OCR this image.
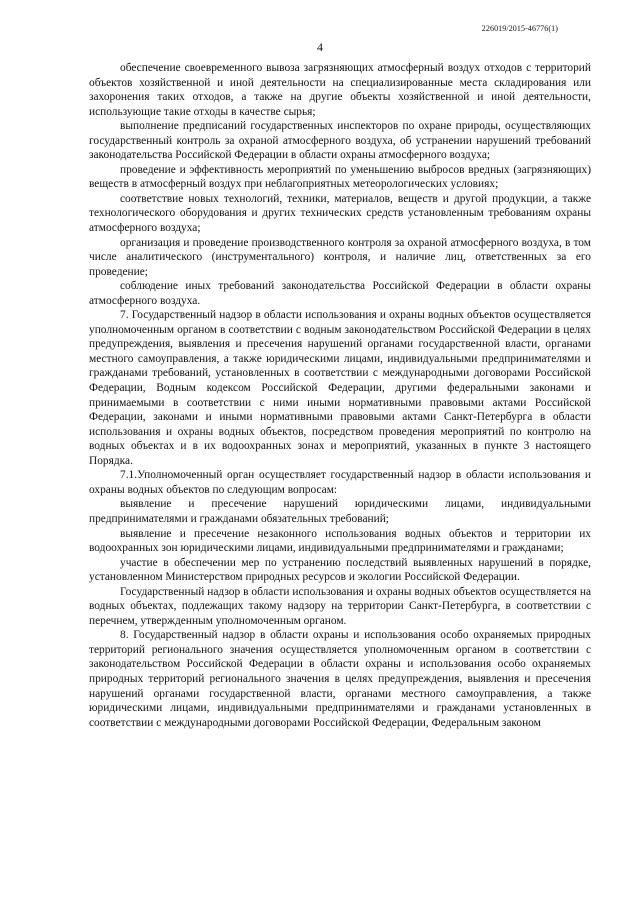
226019/2015-46776(1)
4

обеспечение своевременного вывоза загрязняющих атмосферный воздух отходов с территорий объектов хозяйственной и иной деятельности на специализированные места складирования или захоронения таких отходов, а также на другие объекты хозяйственной и иной деятельности, использующие такие отходы в качестве сырья;

выполнение предписаний государственных инспекторов по охране природы, осуществляющих государственный контроль за охраной атмосферного воздуха, об устранении нарушений требований законодательства Российской Федерации в области охраны атмосферного воздуха;

проведение и эффективность мероприятий по уменьшению выбросов вредных (загрязняющих) веществ в атмосферный воздух при неблагоприятных метеорологических условиях;

соответствие новых технологий, техники, материалов, веществ и другой продукции, а также технологического оборудования и других технических средств установленным требованиям охраны атмосферного воздуха;

организация и проведение производственного контроля за охраной атмосферного воздуха, в том числе аналитического (инструментального) контроля, и наличие лиц, ответственных за его проведение;

соблюдение иных требований законодательства Российской Федерации в области охраны атмосферного воздуха.

7. Государственный надзор в области использования и охраны водных объектов осуществляется уполномоченным органом в соответствии с водным законодательством Российской Федерации в целях предупреждения, выявления и пресечения нарушений органами государственной власти, органами местного самоуправления, а также юридическими лицами, индивидуальными предпринимателями и гражданами требований, установленных в соответствии с международными договорами Российской Федерации, Водным кодексом Российской Федерации, другими федеральными законами и принимаемыми в соответствии с ними иными нормативными правовыми актами Российской Федерации, законами и иными нормативными правовыми актами Санкт-Петербурга в области использования и охраны водных объектов, посредством проведения мероприятий по контролю на водных объектах и в их водоохранных зонах и мероприятий, указанных в пункте 3 настоящего Порядка.

7.1.Уполномоченный орган осуществляет государственный надзор в области использования и охраны водных объектов по следующим вопросам:

выявление и пресечение нарушений юридическими лицами, индивидуальными предпринимателями и гражданами обязательных требований;

выявление и пресечение незаконного использования водных объектов и территории их водоохранных зон юридическими лицами, индивидуальными предпринимателями и гражданами;

участие в обеспечении мер по устранению последствий выявленных нарушений в порядке, установленном Министерством природных ресурсов и экологии Российской Федерации.

Государственный надзор в области использования и охраны водных объектов осуществляется на водных объектах, подлежащих такому надзору на территории Санкт-Петербурга, в соответствии с перечнем, утвержденным уполномоченным органом.

8. Государственный надзор в области охраны и использования особо охраняемых природных территорий регионального значения осуществляется уполномоченным органом в соответствии с законодательством Российской Федерации в области охраны и использования особо охраняемых природных территорий регионального значения в целях предупреждения, выявления и пресечения нарушений органами государственной власти, органами местного самоуправления, а также юридическими лицами, индивидуальными предпринимателями и гражданами установленных в соответствии с международными договорами Российской Федерации, Федеральным законом
